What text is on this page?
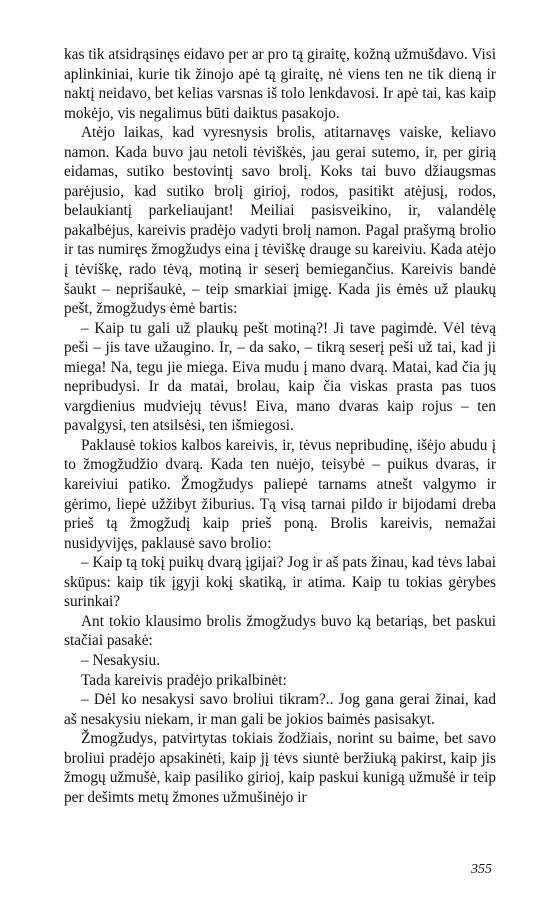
kas tik atsidrąsinęs eidavo per ar pro tą giraitę, kožną užmušdavo. Visi aplinkiniai, kurie tik žinojo apė tą giraitę, nė viens ten ne tik dieną ir naktį neidavo, bet kelias varsnas iš tolo lenkdavosi. Ir apė tai, kas kaip mokėjo, vis negalimus būti daiktus pasakojo.

Atėjo laikas, kad vyresnysis brolis, atitarnavęs vaiske, keliavo namon. Kada buvo jau netoli tėviškės, jau gerai sutemo, ir, per girią eidamas, sutiko bestovintį savo brolį. Koks tai buvo džiaugsmas parėjusio, kad sutiko brolį girioj, rodos, pasitikt atėjusį, rodos, belaukiantį parkeliaujant! Meiliai pasisveikino, ir, valandėlę pakalbėjus, kareivis pradėjo vadyti brolį namon. Pagal prašymą brolio ir tas numiręs žmogžudys eina į tėviškę drauge su kareiviu. Kada atėjo į tėviškę, rado tėvą, motiną ir seserį bemiegančius. Kareivis bandė šaukt – neprišaukė, – teip smarkiai įmigę. Kada jis ėmės už plaukų pešt, žmogžudys ėmė bartis:

– Kaip tu gali už plaukų pešt motiną?! Ji tave pagimdė. Vėl tėvą peši – jis tave užaugino. Ir, – da sako, – tikrą seserį peši už tai, kad ji miega! Na, tegu jie miega. Eiva mudu į mano dvarą. Matai, kad čia jų nepribudysi. Ir da matai, brolau, kaip čia viskas prasta pas tuos vargdienius mudviejų tėvus! Eiva, mano dvaras kaip rojus – ten pavalgysi, ten atsilsėsi, ten išmiegosi.

Paklausė tokios kalbos kareivis, ir, tėvus nepribudinę, išėjo abudu į to žmogžudžio dvarą. Kada ten nuėjo, teisybė – puikus dvaras, ir kareiviui patiko. Žmogžudys paliepė tarnams atnešt valgymo ir gėrimo, liepė užžibyt žiburius. Tą visą tarnai pildo ir bijodami dreba prieš tą žmogžudį kaip prieš poną. Brolis kareivis, nemažai nusidyvijęs, paklausė savo brolio:

– Kaip tą tokį puikų dvarą įgijai? Jog ir aš pats žinau, kad tėvs labai sküpus: kaip tik įgyji kokį skatiką, ir atima. Kaip tu tokias gėrybes surinkai?

Ant tokio klausimo brolis žmogžudys buvo ką betariąs, bet paskui stačiai pasakė:

– Nesakysiu.

Tada kareivis pradėjo prikalbinėt:

– Dėl ko nesakysi savo broliui tikram?.. Jog gana gerai žinai, kad aš nesakysiu niekam, ir man gali be jokios baimės pasisakyt.

Žmogžudys, patvirtytas tokiais žodžiais, norint su baime, bet savo broliui pradėjo apsakinėti, kaip jį tėvs siuntė beržiuką pakirst, kaip jis žmogų užmušė, kaip pasiliko girioj, kaip paskui kunigą užmušė ir teip per dešimts metų žmones užmušinėjo ir

355
